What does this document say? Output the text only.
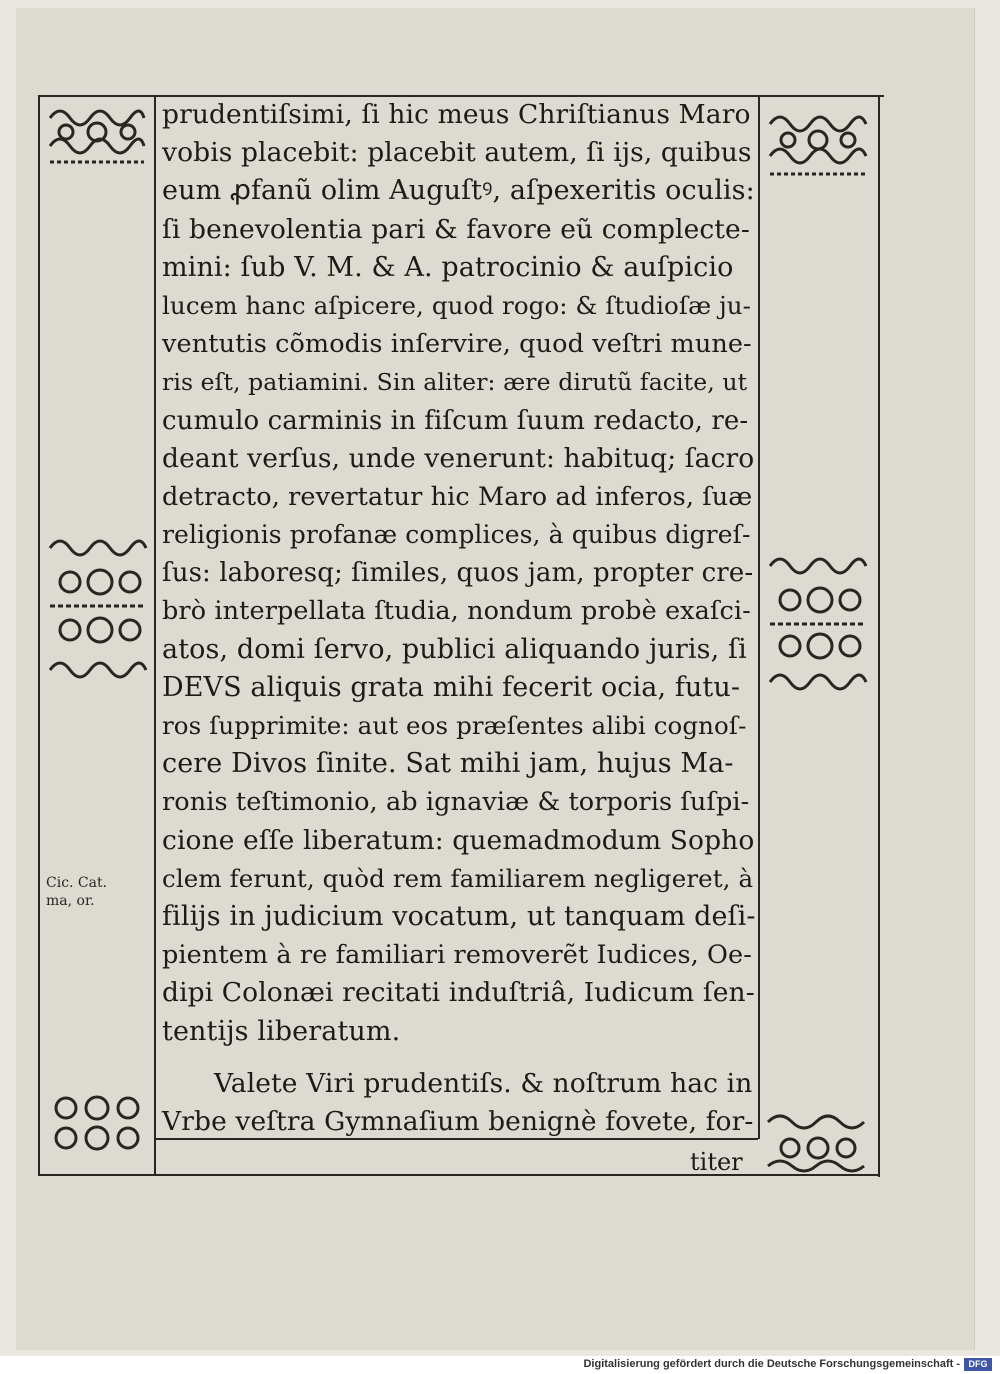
Cic. Cat.
ma, or.
prudentiſsimi, ſi hic meus Chriſtianus Maro
vobis placebit: placebit autem, ſi ijs, quibus
eum ꝓfanũ olim Auguſtꝰ, aſpexeritis oculis:
ſi benevolentia pari & favore eũ complecte-
mini: ſub V. M. & A. patrocinio & auſpicio
lucem hanc aſpicere, quod rogo: & ſtudioſæ ju-
ventutis cõmodis inſervire, quod veſtri mune-
ris eſt, patiamini. Sin aliter: ære dirutũ facite, ut
cumulo carminis in fiſcum ſuum redacto, re-
deant verſus, unde venerunt: habituq; ſacro
detracto, revertatur hic Maro ad inferos, ſuæ
religionis profanæ complices, à quibus digreſ-
ſus: laboresq; ſimiles, quos jam, propter cre-
brò interpellata ſtudia, nondum probè exaſci-
atos, domi ſervo, publici aliquando juris, ſi
DEVS aliquis grata mihi fecerit ocia, futu-
ros ſupprimite: aut eos præſentes alibi cognoſ-
cere Divos ſinite. Sat mihi jam, hujus Ma-
ronis teſtimonio, ab ignaviæ & torporis ſuſpi-
cione eſſe liberatum: quemadmodum Sopho
clem ferunt, quòd rem familiarem negligeret, à
filijs in judicium vocatum, ut tanquam deſi-
pientem à re familiari removerẽt Iudices, Oe-
dipi Colonæi recitati induſtriâ, Iudicum ſen-
tentijs liberatum.
Valete Viri prudentiſs. & noſtrum hac in
Vrbe veſtra Gymnaſium benignè fovete, for-
titer
Digitalisierung gefördert durch die Deutsche Forschungsgemeinschaft - DFG
